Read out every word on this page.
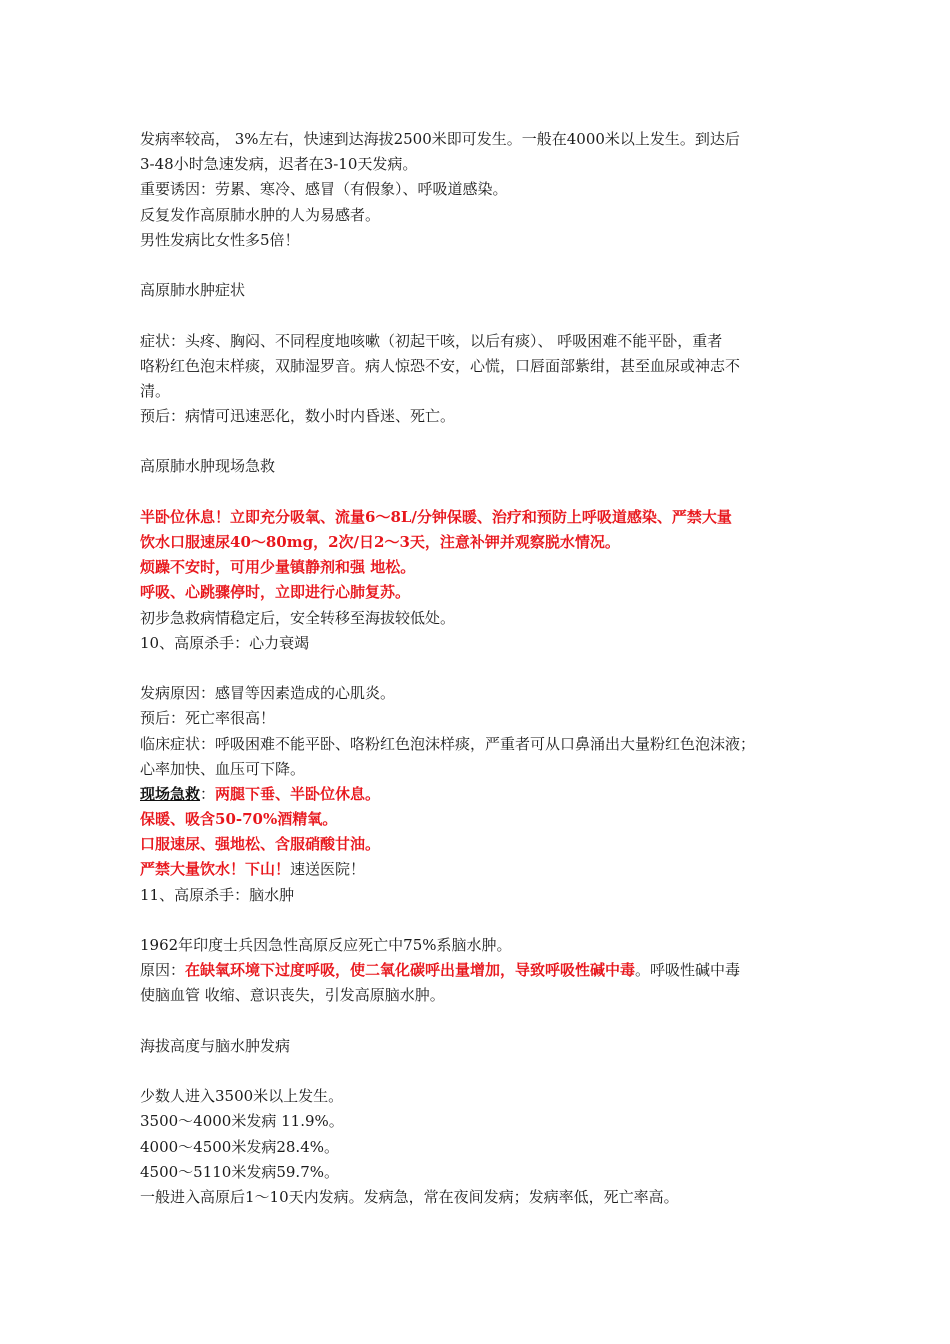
发病率较高， 3%左右，快速到达海拔2500米即可发生。一般在4000米以上发生。到达后
3-48小时急速发病，迟者在3-10天发病。
重要诱因：劳累、寒冷、感冒（有假象）、呼吸道感染。
反复发作高原肺水肿的人为易感者。
男性发病比女性多5倍！
高原肺水肿症状
症状：头疼、胸闷、不同程度地咳嗽（初起干咳，以后有痰）、 呼吸困难不能平卧，重者
咯粉红色泡末样痰，双肺湿罗音。病人惊恐不安，心慌，口唇面部紫绀，甚至血尿或神志不
清。
预后：病情可迅速恶化，数小时内昏迷、死亡。
高原肺水肿现场急救
半卧位休息！立即充分吸氧、流量6～8L/分钟保暖、治疗和预防上呼吸道感染、严禁大量
饮水口服速尿40～80mg，2次/日2～3天，注意补钾并观察脱水情况。
烦躁不安时，可用少量镇静剂和强 地松。
呼吸、心跳骤停时，立即进行心肺复苏。
初步急救病情稳定后，安全转移至海拔较低处。
10、高原杀手：心力衰竭
发病原因：感冒等因素造成的心肌炎。
预后：死亡率很高！
临床症状：呼吸困难不能平卧、咯粉红色泡沫样痰，严重者可从口鼻涌出大量粉红色泡沫液；
心率加快、血压可下降。
现场急救：两腿下垂、半卧位休息。
保暖、吸含50-70%酒精氧。
口服速尿、强地松、含服硝酸甘油。
严禁大量饮水！下山！速送医院！
11、高原杀手：脑水肿
1962年印度士兵因急性高原反应死亡中75%系脑水肿。
原因：在缺氧环境下过度呼吸，使二氧化碳呼出量增加，导致呼吸性碱中毒。呼吸性碱中毒
使脑血管 收缩、意识丧失，引发高原脑水肿。
海拔高度与脑水肿发病
少数人进入3500米以上发生。
3500～4000米发病 11.9%。
4000～4500米发病28.4%。
4500～5110米发病59.7%。
一般进入高原后1～10天内发病。发病急，常在夜间发病；发病率低，死亡率高。
